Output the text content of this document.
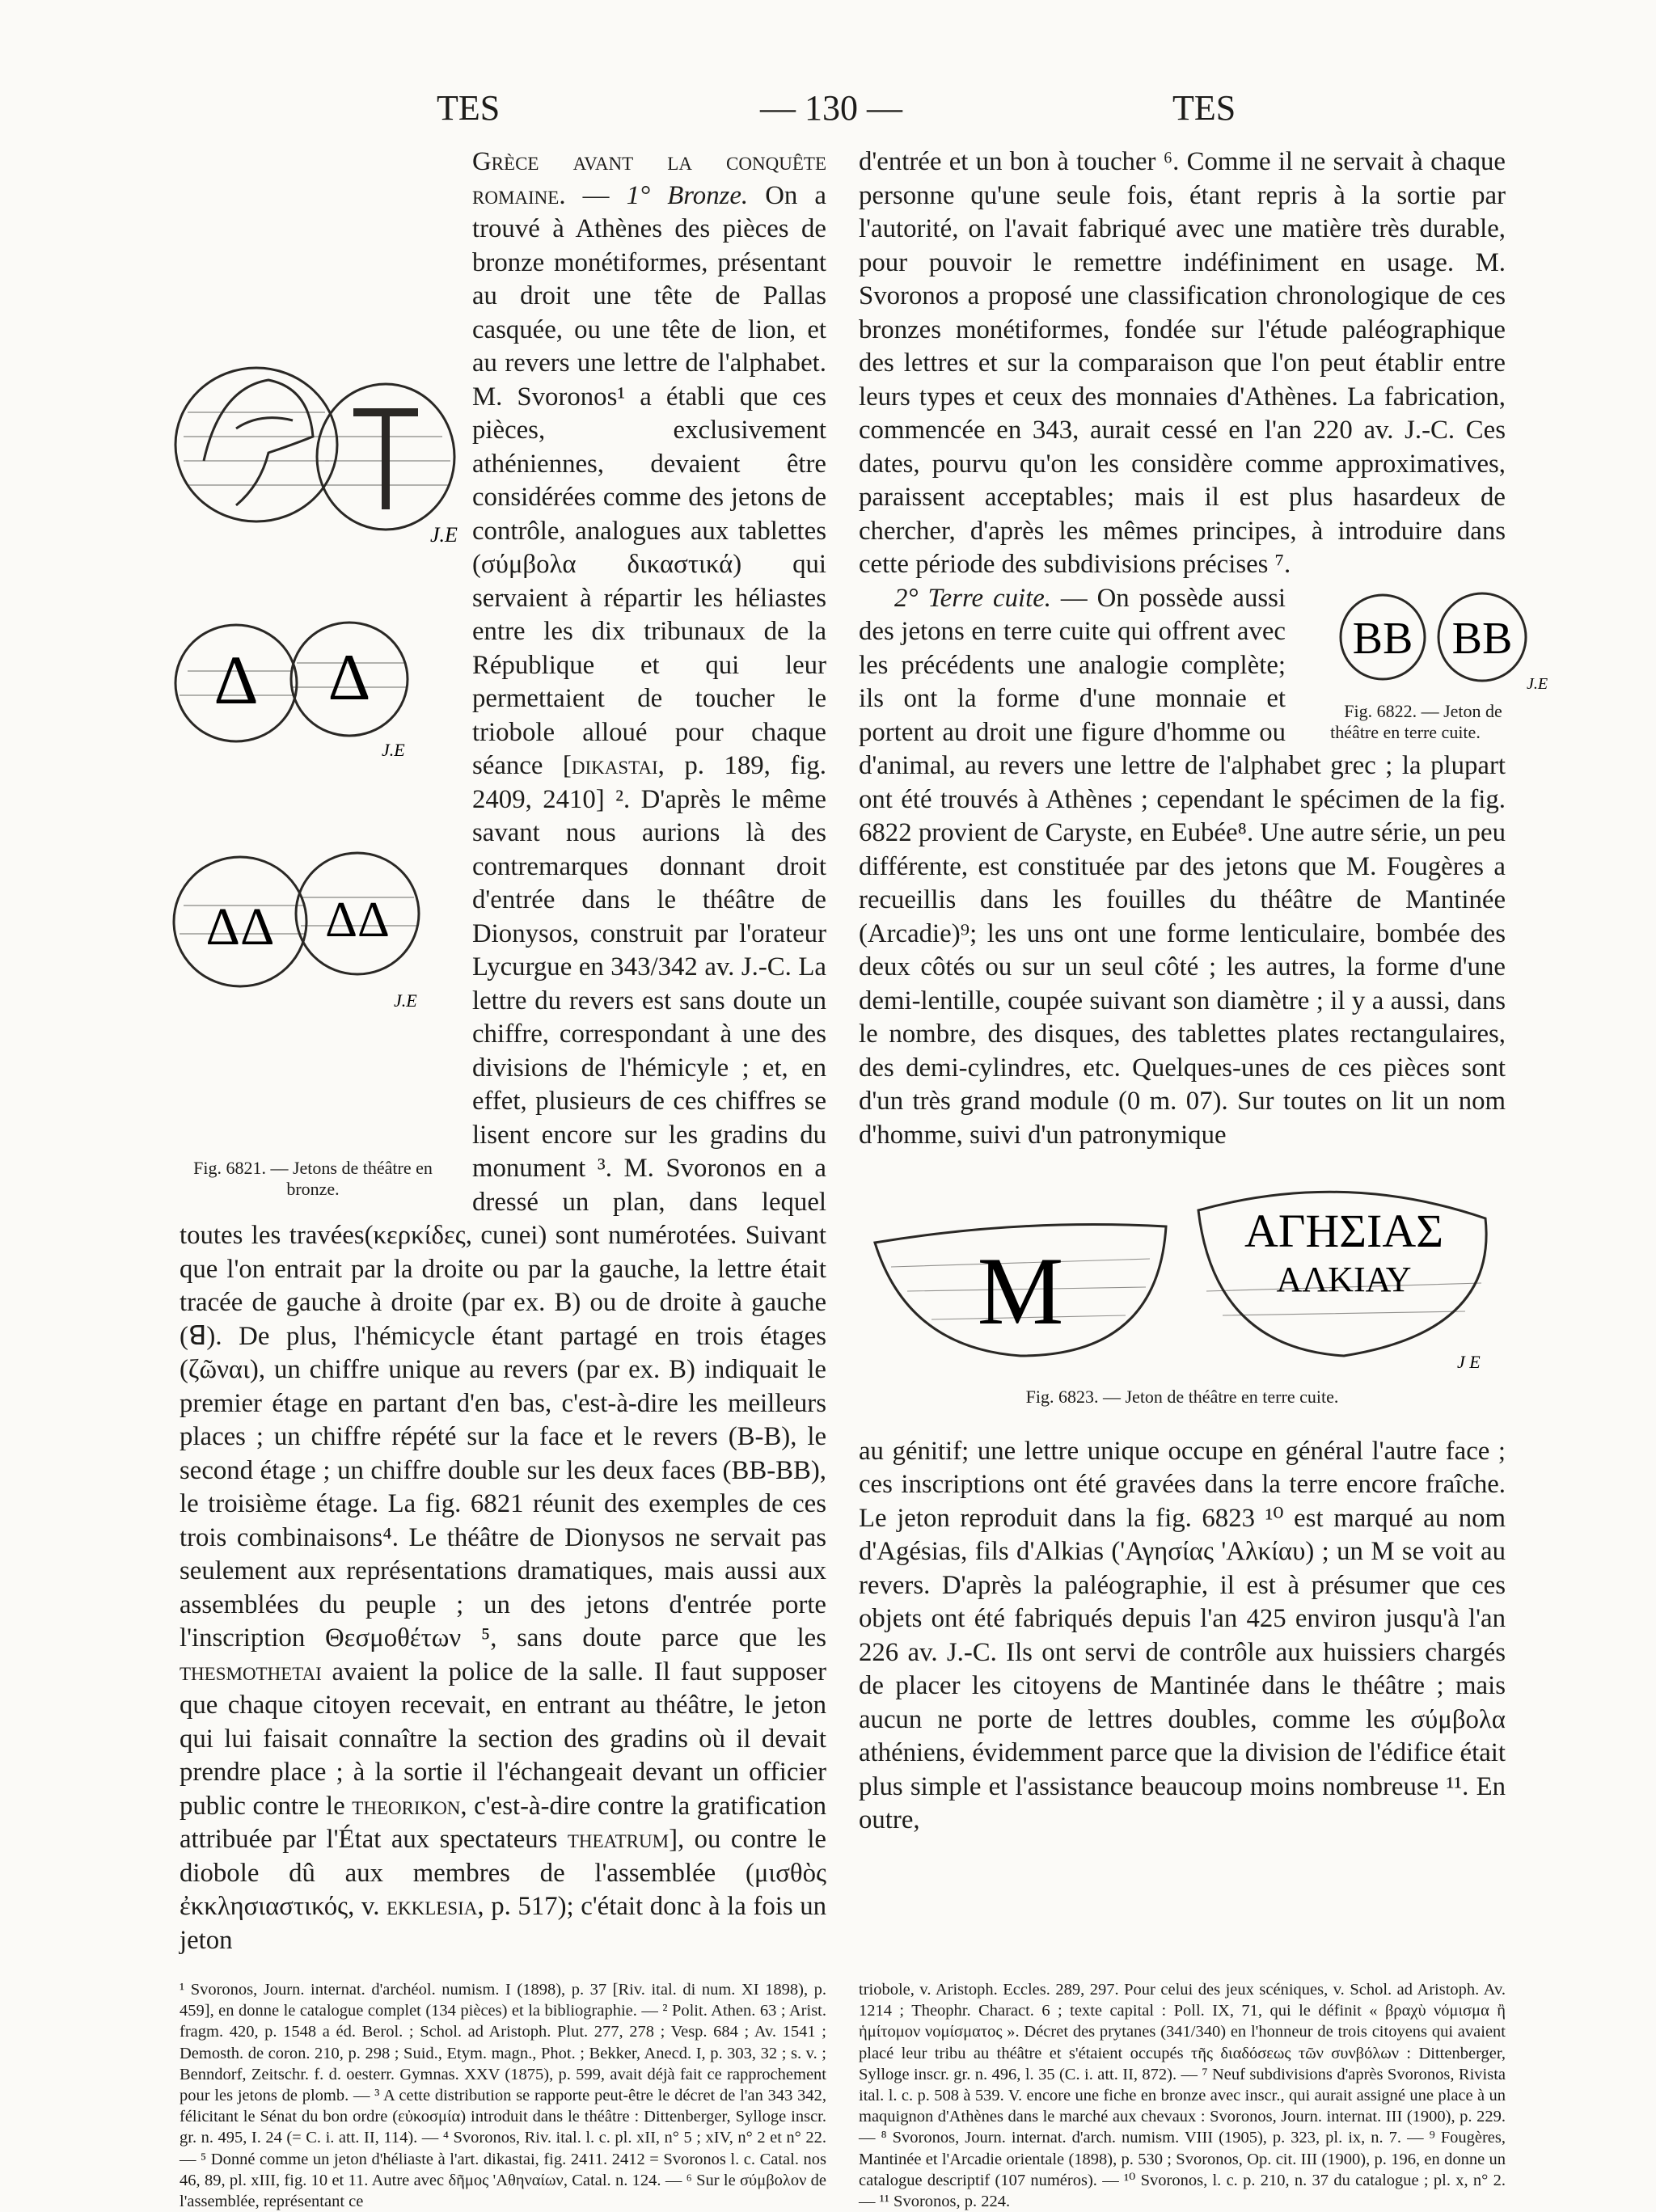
TES	— 130 —	TES
Δ Δ
ΔΔ ΔΔ
J.E
J.E
J.E
Fig. 6821. — Jetons de théâtre en bronze.

Grèce avant la conquête romaine. — 1° Bronze. On a trouvé à Athènes des pièces de bronze monétiformes, présentant au droit une tête de Pallas casquée, ou une tête de lion, et au revers une lettre de l'alphabet. M. Svoronos¹ a établi que ces pièces, exclusivement athéniennes, devaient être considérées comme des jetons de contrôle, analogues aux tablettes (σύμβολα δικαστικά) qui servaient à répartir les héliastes entre les dix tribunaux de la République et qui leur permettaient de toucher le triobole alloué pour chaque séance [dikastai, p. 189, fig. 2409, 2410] ². D'après le même savant nous aurions là des contremarques donnant droit d'entrée dans le théâtre de Dionysos, construit par l'orateur Lycurgue en 343/342 av. J.-C. La lettre du revers est sans doute un chiffre, correspondant à une des divisions de l'hémicyle ; et, en effet, plusieurs de ces chiffres se lisent encore sur les gradins du monument ³. M. Svoronos en a dressé un plan, dans lequel toutes les travées(κερκίδες, cunei) sont numérotées. Suivant que l'on entrait par la droite ou par la gauche, la lettre était tracée de gauche à droite (par ex. B) ou de droite à gauche (ꓭ). De plus, l'hémicycle étant partagé en trois étages (ζῶναι), un chiffre unique au revers (par ex. B) indiquait le premier étage en partant d'en bas, c'est-à-dire les meilleurs places ; un chiffre répété sur la face et le revers (B-B), le second étage ; un chiffre double sur les deux faces (BB-BB), le troisième étage. La fig. 6821 réunit des exemples de ces trois combinaisons⁴. Le théâtre de Dionysos ne servait pas seulement aux représentations dramatiques, mais aussi aux assemblées du peuple ; un des jetons d'entrée porte l'inscription Θεσμοθέτων ⁵, sans doute parce que les thesmothetai avaient la police de la salle. Il faut supposer que chaque citoyen recevait, en entrant au théâtre, le jeton qui lui faisait connaître la section des gradins où il devait prendre place ; à la sortie il l'échangeait devant un officier public contre le theorikon, c'est-à-dire contre la gratification attribuée par l'État aux spectateurs theatrum], ou contre le diobole dû aux membres de l'assemblée (μισθὸς ἐκκλησιαστικός, v. ekklesia, p. 517); c'était donc à la fois un jeton

d'entrée et un bon à toucher ⁶. Comme il ne servait à chaque personne qu'une seule fois, étant repris à la sortie par l'autorité, on l'avait fabriqué avec une matière très durable, pour pouvoir le remettre indéfiniment en usage. M. Svoronos a proposé une classification chronologique de ces bronzes monétiformes, fondée sur l'étude paléographique des lettres et sur la comparaison que l'on peut établir entre leurs types et ceux des monnaies d'Athènes. La fabrication, commencée en 343, aurait cessé en l'an 220 av. J.-C. Ces dates, pourvu qu'on les considère comme approximatives, paraissent acceptables; mais il est plus hasardeux de chercher, d'après les mêmes principes, à introduire dans cette période des subdivisions précises ⁷.

BB BB
J.E
Fig. 6822. — Jeton de théâtre en terre cuite.
2° Terre cuite. — On possède aussi des jetons en terre cuite qui offrent avec les précédents une analogie complète; ils ont la forme d'une monnaie et portent au droit une figure d'homme ou d'animal, au revers une lettre de l'alphabet grec ; la plupart ont été trouvés à Athènes ; cependant le spécimen de la fig. 6822 provient de Caryste, en Eubée⁸. Une autre série, un peu différente, est constituée par des jetons que M. Fougères a recueillis dans les fouilles du théâtre de Mantinée (Arcadie)⁹; les uns ont une forme lenticulaire, bombée des deux côtés ou sur un seul côté ; les autres, la forme d'une demi-lentille, coupée suivant son diamètre ; il y a aussi, dans le nombre, des disques, des tablettes plates rectangulaires, des demi-cylindres, etc. Quelques-unes de ces pièces sont d'un très grand module (0 m. 07). Sur toutes on lit un nom d'homme, suivi d'un patronymique

M
ΑΓΗΣΙΑΣ
ΑΛΚΙΑΥ
J E
Fig. 6823. — Jeton de théâtre en terre cuite.

au génitif; une lettre unique occupe en général l'autre face ; ces inscriptions ont été gravées dans la terre encore fraîche. Le jeton reproduit dans la fig. 6823 ¹⁰ est marqué au nom d'Agésias, fils d'Alkias ('Αγησίας 'Αλκίαυ) ; un M se voit au revers. D'après la paléographie, il est à présumer que ces objets ont été fabriqués depuis l'an 425 environ jusqu'à l'an 226 av. J.-C. Ils ont servi de contrôle aux huissiers chargés de placer les citoyens de Mantinée dans le théâtre ; mais aucun ne porte de lettres doubles, comme les σύμβολα athéniens, évidemment parce que la division de l'édifice était plus simple et l'assistance beaucoup moins nombreuse ¹¹. En outre,

¹ Svoronos, Journ. internat. d'archéol. numism. I (1898), p. 37 [Riv. ital. di num. XI 1898), p. 459], en donne le catalogue complet (134 pièces) et la bibliographie. — ² Polit. Athen. 63 ; Arist. fragm. 420, p. 1548 a éd. Berol. ; Schol. ad Aristoph. Plut. 277, 278 ; Vesp. 684 ; Av. 1541 ; Demosth. de coron. 210, p. 298 ; Suid., Etym. magn., Phot. ; Bekker, Anecd. I, p. 303, 32 ; s. v. ; Benndorf, Zeitschr. f. d. oesterr. Gymnas. XXV (1875), p. 599, avait déjà fait ce rapprochement pour les jetons de plomb. — ³ A cette distribution se rapporte peut-être le décret de l'an 343 342, félicitant le Sénat du bon ordre (εὐκοσμία) introduit dans le théâtre : Dittenberger, Sylloge inscr. gr. n. 495, I. 24 (= C. i. att. II, 114). — ⁴ Svoronos, Riv. ital. l. c. pl. xII, n° 5 ; xIV, n° 2 et n° 22. — ⁵ Donné comme un jeton d'héliaste à l'art. dikastai, fig. 2411. 2412 = Svoronos l. c. Catal. nos 46, 89, pl. xIII, fig. 10 et 11. Autre avec δῆμος 'Αθηναίων, Catal. n. 124. — ⁶ Sur le σύμβολον de l'assemblée, représentant ce
triobole, v. Aristoph. Eccles. 289, 297. Pour celui des jeux scéniques, v. Schol. ad Aristoph. Av. 1214 ; Theophr. Charact. 6 ; texte capital : Poll. IX, 71, qui le définit « βραχὺ νόμισμα ἢ ἡμίτομον νομίσματος ». Décret des prytanes (341/340) en l'honneur de trois citoyens qui avaient placé leur tribu au théâtre et s'étaient occupés τῆς διαδόσεως τῶν συνβόλων : Dittenberger, Sylloge inscr. gr. n. 496, l. 35 (C. i. att. II, 872). — ⁷ Neuf subdivisions d'après Svoronos, Rivista ital. l. c. p. 508 à 539. V. encore une fiche en bronze avec inscr., qui aurait assigné une place à un maquignon d'Athènes dans le marché aux chevaux : Svoronos, Journ. internat. III (1900), p. 229. — ⁸ Svoronos, Journ. internat. d'arch. numism. VIII (1905), p. 323, pl. ix, n. 7. — ⁹ Fougères, Mantinée et l'Arcadie orientale (1898), p. 530 ; Svoronos, Op. cit. III (1900), p. 196, en donne un catalogue descriptif (107 numéros). — ¹⁰ Svoronos, l. c. p. 210, n. 37 du catalogue ; pl. x, n° 2. — ¹¹ Svoronos, p. 224.
